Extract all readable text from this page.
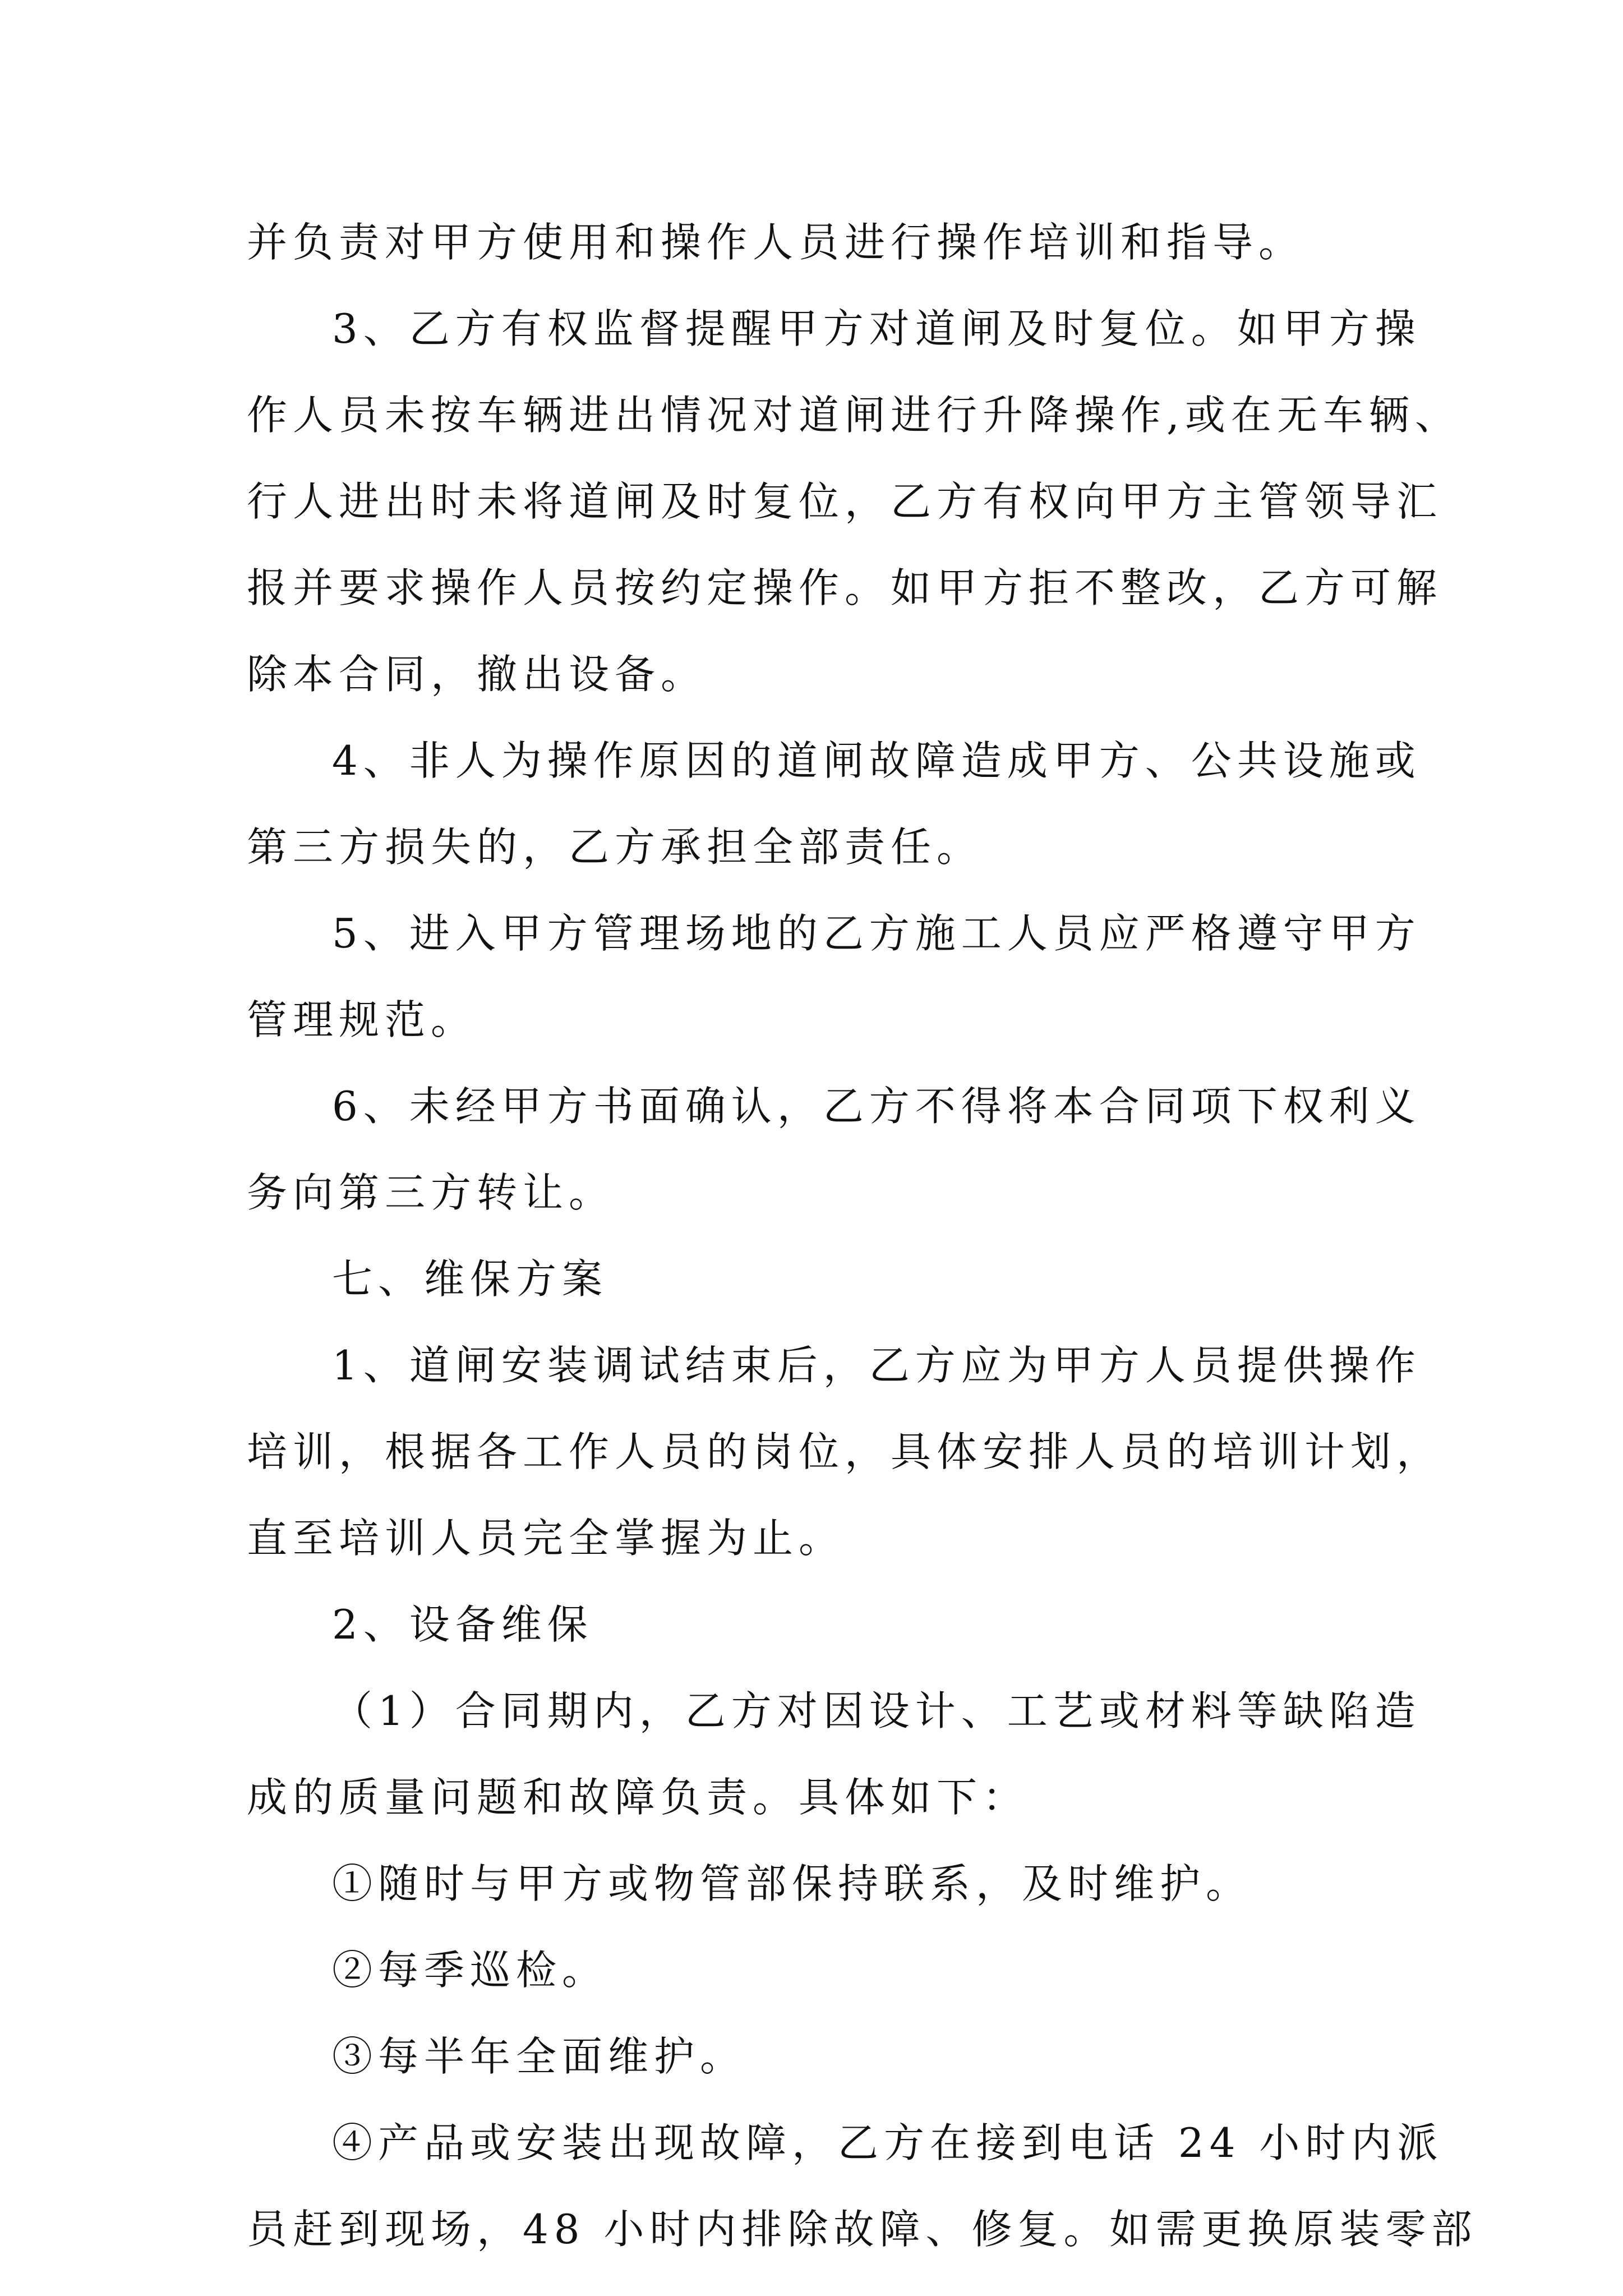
并负责对甲方使用和操作人员进行操作培训和指导。
3、乙方有权监督提醒甲方对道闸及时复位。如甲方操
作人员未按车辆进出情况对道闸进行升降操作,或在无车辆、
行人进出时未将道闸及时复位，乙方有权向甲方主管领导汇
报并要求操作人员按约定操作。如甲方拒不整改，乙方可解
除本合同，撤出设备。
4、非人为操作原因的道闸故障造成甲方、公共设施或
第三方损失的，乙方承担全部责任。
5、进入甲方管理场地的乙方施工人员应严格遵守甲方
管理规范。
6、未经甲方书面确认，乙方不得将本合同项下权利义
务向第三方转让。
七、维保方案
1、道闸安装调试结束后，乙方应为甲方人员提供操作
培训，根据各工作人员的岗位，具体安排人员的培训计划，
直至培训人员完全掌握为止。
2、设备维保
（1）合同期内，乙方对因设计、工艺或材料等缺陷造
成的质量问题和故障负责。具体如下：
①随时与甲方或物管部保持联系，及时维护。
②每季巡检。
③每半年全面维护。
④产品或安装出现故障，乙方在接到电话 24 小时内派
员赶到现场，48 小时内排除故障、修复。如需更换原装零部
